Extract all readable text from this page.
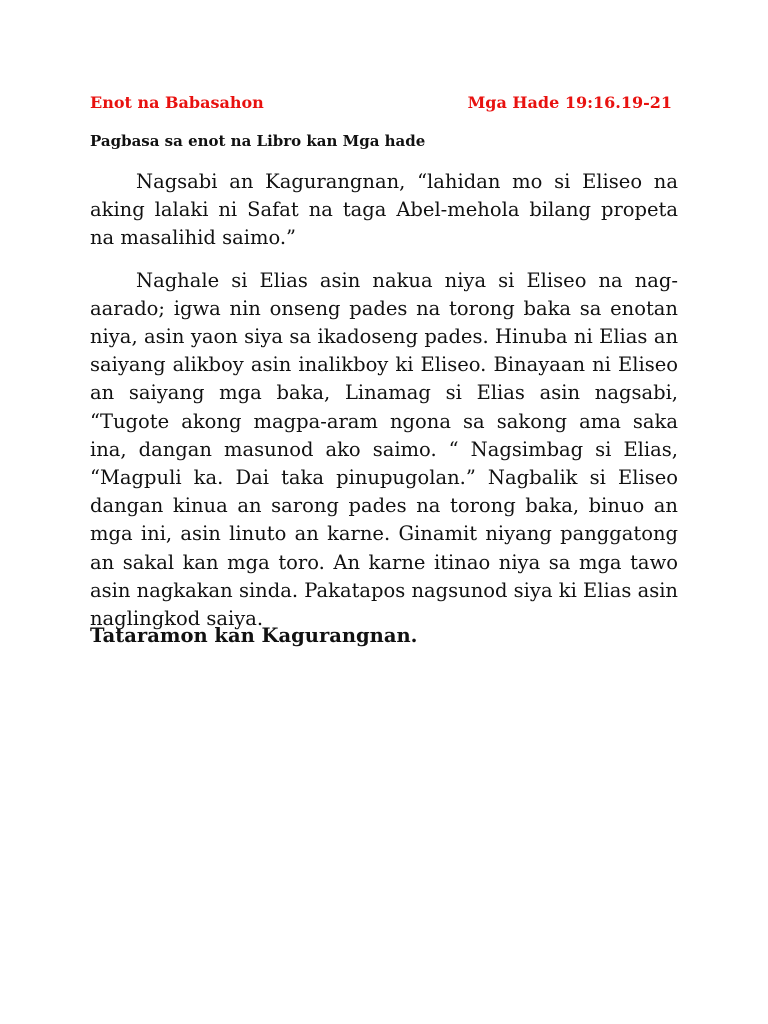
Enot na Babasahon	Mga Hade 19:16.19-21
Pagbasa sa enot na Libro kan Mga hade

Nagsabi an Kagurangnan, “lahidan mo si Eliseo na aking lalaki ni Safat na taga Abel-mehola bilang propeta na masalihid saimo.”

Naghale si Elias asin nakua niya si Eliseo na nag-aarado; igwa nin onseng pades na torong baka sa enotan niya, asin yaon siya sa ikadoseng pades. Hinuba ni Elias an saiyang alikboy asin inalikboy ki Eliseo. Binayaan ni Eliseo an saiyang mga baka, Linamag si Elias asin nagsabi, “Tugote akong magpa-aram ngona sa sakong ama saka ina, dangan masunod ako saimo. “ Nagsimbag si Elias, “Magpuli ka. Dai taka pinupugolan.” Nagbalik si Eliseo dangan kinua an sarong pades na torong baka, binuo an mga ini, asin linuto an karne. Ginamit niyang panggatong an sakal kan mga toro. An karne itinao niya sa mga tawo asin nagkakan sinda. Pakatapos nagsunod siya ki Elias asin naglingkod saiya.

Tataramon kan Kagurangnan.
